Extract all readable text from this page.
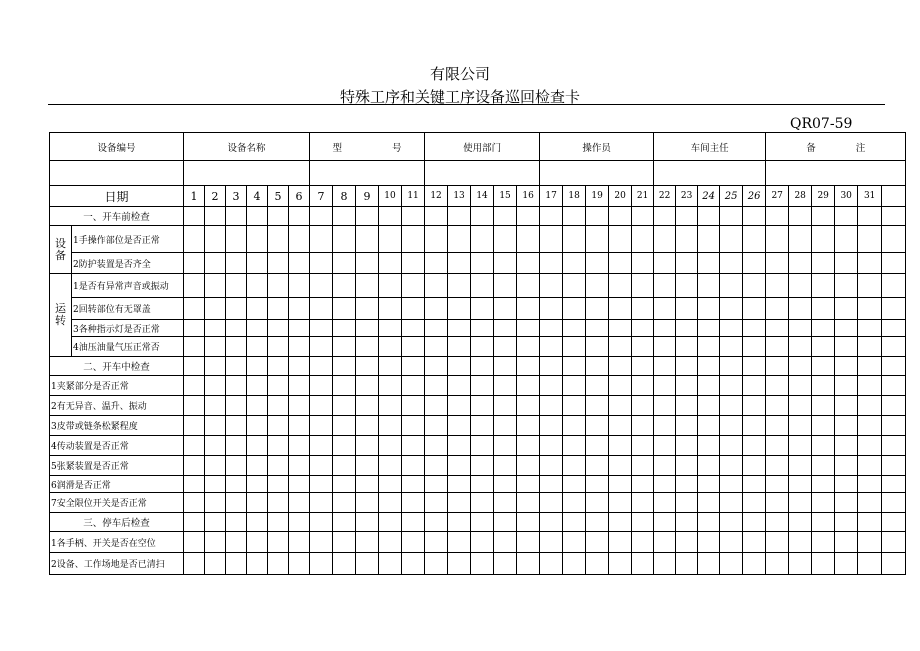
有限公司
特殊工序和关键工序设备巡回检查卡
QR07-59
设备编号		设备名称						型 号					使用部门					操作员					车间主任					备 注					

日期		1	2	3	4	5	6	7	8	9	10	11	12	13	14	15	16	17	18	19	20	21	22	23	24	25	26	27	28	29	30	31	
一、开车前检查																																	
设备	1手操作部位是否正常																																
	2防护装置是否齐全																																
运转	1是否有异常声音或振动																																
	2回转部位有无罩盖																																
	3各种指示灯是否正常																																
	4油压油量气压正常否																																
二、开车中检查																																	
1夹紧部分是否正常																																	
2有无异音、温升、振动																																	
3皮带或链条松紧程度																																	
4传动装置是否正常																																	
5张紧装置是否正常																																	
6润滑是否正常																																	
7安全限位开关是否正常																																	
三、停车后检查																																	
1各手柄、开关是否在空位																																	
2设备、工作场地是否已清扫																																	
